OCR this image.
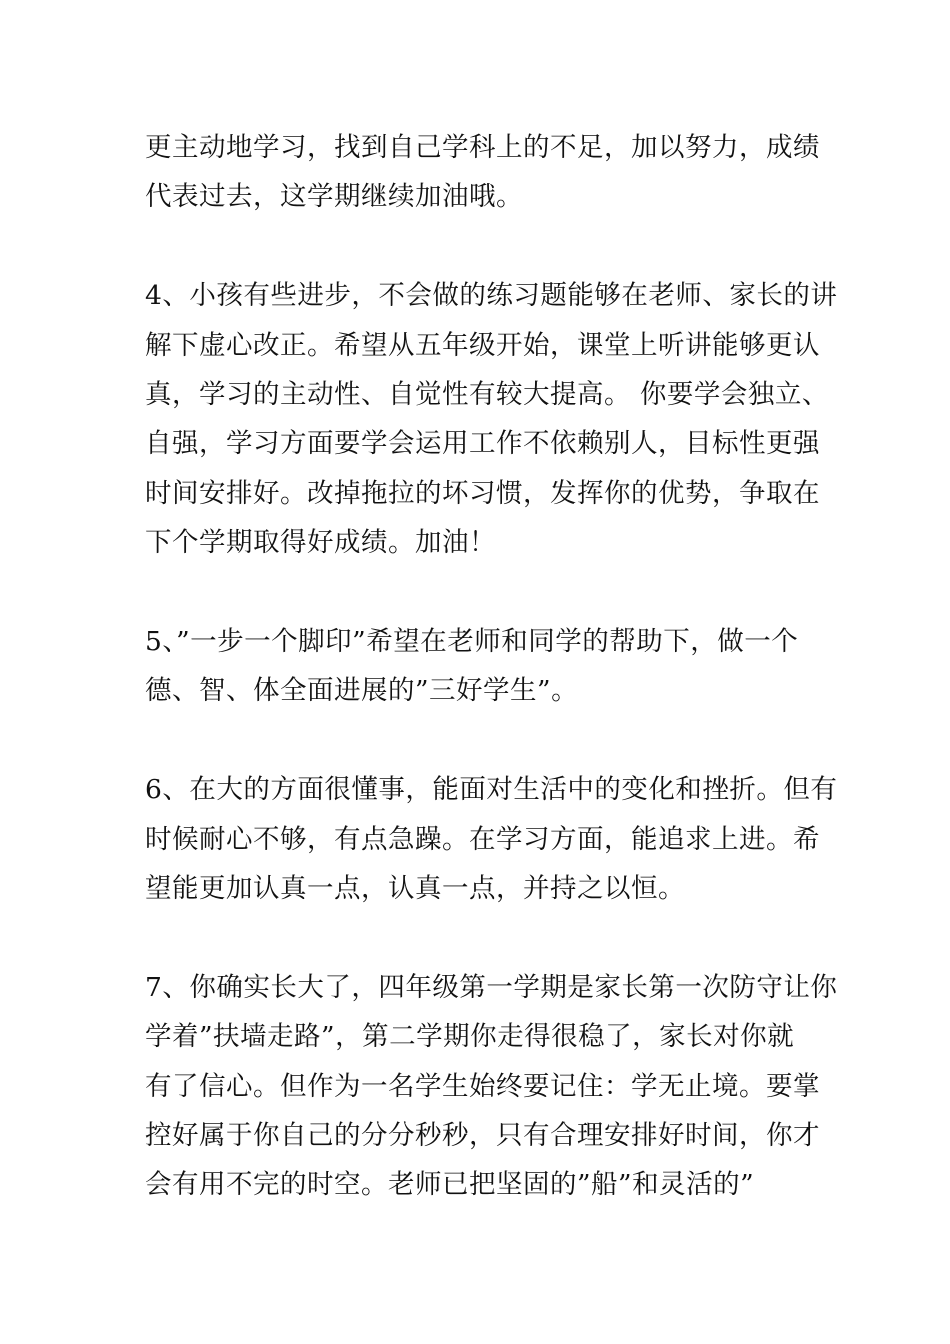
更主动地学习，找到自己学科上的不足，加以努力，成绩
代表过去，这学期继续加油哦。
4、小孩有些进步，不会做的练习题能够在老师、家长的讲
解下虚心改正。希望从五年级开始，课堂上听讲能够更认
真，学习的主动性、自觉性有较大提高。 你要学会独立、
自强，学习方面要学会运用工作不依赖别人，目标性更强
时间安排好。改掉拖拉的坏习惯，发挥你的优势，争取在
下个学期取得好成绩。加油！
5、”一步一个脚印”希望在老师和同学的帮助下，做一个
德、智、体全面进展的”三好学生”。
6、在大的方面很懂事，能面对生活中的变化和挫折。但有
时候耐心不够，有点急躁。在学习方面，能追求上进。希
望能更加认真一点，认真一点，并持之以恒。
7、你确实长大了，四年级第一学期是家长第一次防守让你
学着”扶墙走路”，第二学期你走得很稳了，家长对你就
有了信心。但作为一名学生始终要记住：学无止境。要掌
控好属于你自己的分分秒秒，只有合理安排好时间，你才
会有用不完的时空。老师已把坚固的”船”和灵活的”
